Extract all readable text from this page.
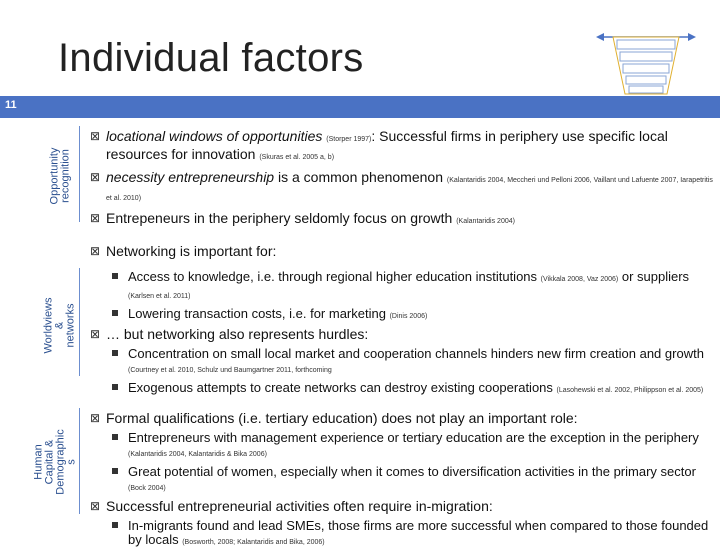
Individual factors
11
Opportunity recognition
Worldviews & networks
Human Capital & Demographic s
⊠ locational windows of opportunities (Storper 1997): Successful firms in periphery use specific local resources for innovation (Skuras et al. 2005 a, b)
⊠ necessity entrepreneurship is a common phenomenon (Kalantaridis 2004, Meccheri und Pelloni 2006, Vaillant und Lafuente 2007, Iarapetritis et al. 2010)
⊠ Entrepeneurs in the periphery seldomly focus on growth (Kalantaridis 2004)
⊠ Networking is important for:
Access to knowledge, i.e. through regional higher education institutions (Vikkala 2008, Vaz 2006) or suppliers (Karlsen et al. 2011)
Lowering transaction costs, i.e. for marketing (Dinis 2006)
⊠ … but networking also represents hurdles:
Concentration on small local market and cooperation channels hinders new firm creation and growth (Courtney et al. 2010, Schulz und Baumgartner 2011, forthcoming
Exogenous attempts to create networks can destroy existing cooperations (Lasohewski et al. 2002, Philippson et al. 2005)
⊠ Formal qualifications (i.e. tertiary education) does not play an important role:
Entrepreneurs with management experience or tertiary education are the exception in the periphery (Kalantaridis 2004, Kalantaridis & Bika 2006)
Great potential of women, especially when it comes to diversification activities in the primary sector (Bock 2004)
⊠ Successful entrepreneurial activities often require in-migration:
In-migrants found and lead SMEs, those firms are more successful when compared to those founded by locals (Bosworth, 2008; Kalantaridis and Bika, 2006)
